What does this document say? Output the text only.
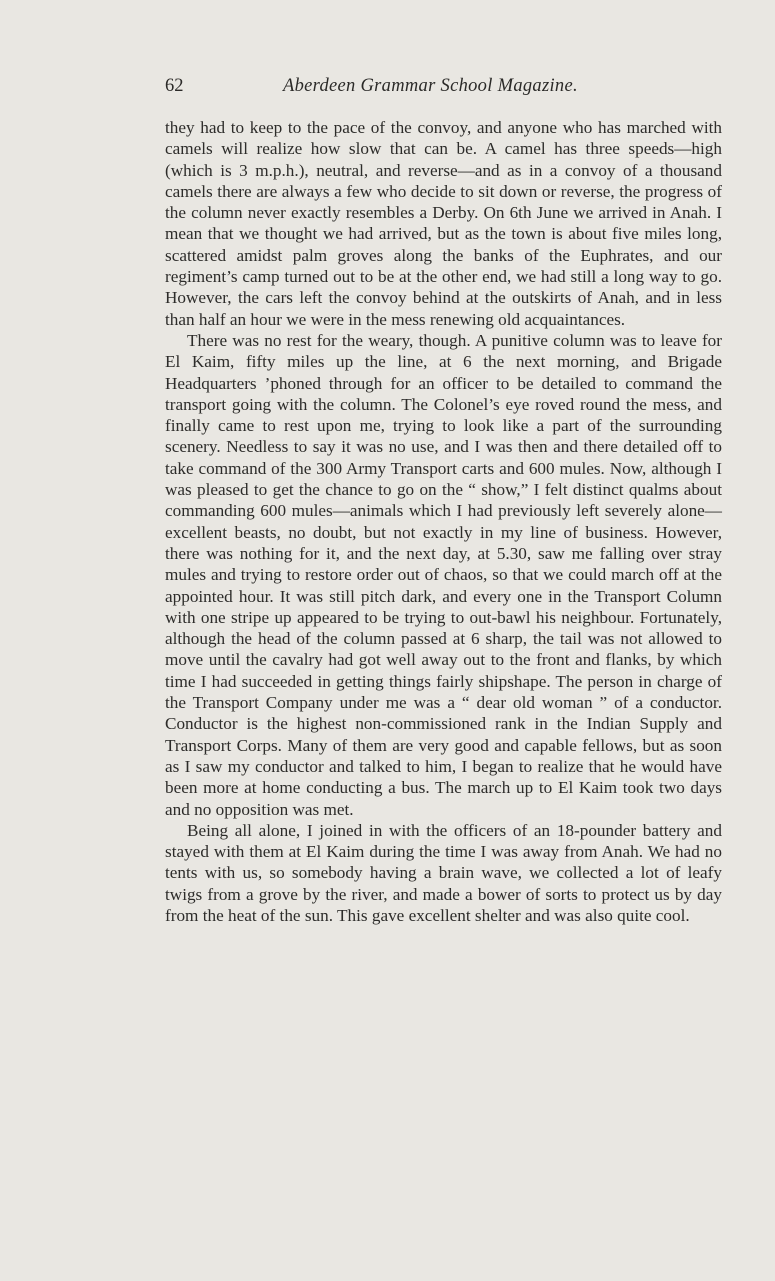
62	Aberdeen Grammar School Magazine.

they had to keep to the pace of the convoy, and anyone who has marched with camels will realize how slow that can be. A camel has three speeds—high (which is 3 m.p.h.), neutral, and reverse—and as in a convoy of a thousand camels there are always a few who decide to sit down or reverse, the progress of the column never exactly resembles a Derby. On 6th June we arrived in Anah. I mean that we thought we had arrived, but as the town is about five miles long, scattered amidst palm groves along the banks of the Euphrates, and our regiment’s camp turned out to be at the other end, we had still a long way to go. However, the cars left the convoy behind at the outskirts of Anah, and in less than half an hour we were in the mess renewing old acquaintances.

There was no rest for the weary, though. A punitive column was to leave for El Kaim, fifty miles up the line, at 6 the next morning, and Brigade Headquarters ’phoned through for an officer to be detailed to command the transport going with the column. The Colonel’s eye roved round the mess, and finally came to rest upon me, trying to look like a part of the surrounding scenery. Needless to say it was no use, and I was then and there detailed off to take command of the 300 Army Transport carts and 600 mules. Now, although I was pleased to get the chance to go on the “ show,” I felt distinct qualms about commanding 600 mules—animals which I had previously left severely alone—excellent beasts, no doubt, but not exactly in my line of business. However, there was nothing for it, and the next day, at 5.30, saw me falling over stray mules and trying to restore order out of chaos, so that we could march off at the appointed hour. It was still pitch dark, and every one in the Transport Column with one stripe up appeared to be trying to out-bawl his neighbour. Fortunately, although the head of the column passed at 6 sharp, the tail was not allowed to move until the cavalry had got well away out to the front and flanks, by which time I had succeeded in getting things fairly shipshape. The person in charge of the Transport Company under me was a “ dear old woman ” of a conductor. Conductor is the highest non-commissioned rank in the Indian Supply and Transport Corps. Many of them are very good and capable fellows, but as soon as I saw my conductor and talked to him, I began to realize that he would have been more at home conducting a bus. The march up to El Kaim took two days and no opposition was met.

Being all alone, I joined in with the officers of an 18-pounder battery and stayed with them at El Kaim during the time I was away from Anah. We had no tents with us, so somebody having a brain wave, we collected a lot of leafy twigs from a grove by the river, and made a bower of sorts to protect us by day from the heat of the sun. This gave excellent shelter and was also quite cool.
